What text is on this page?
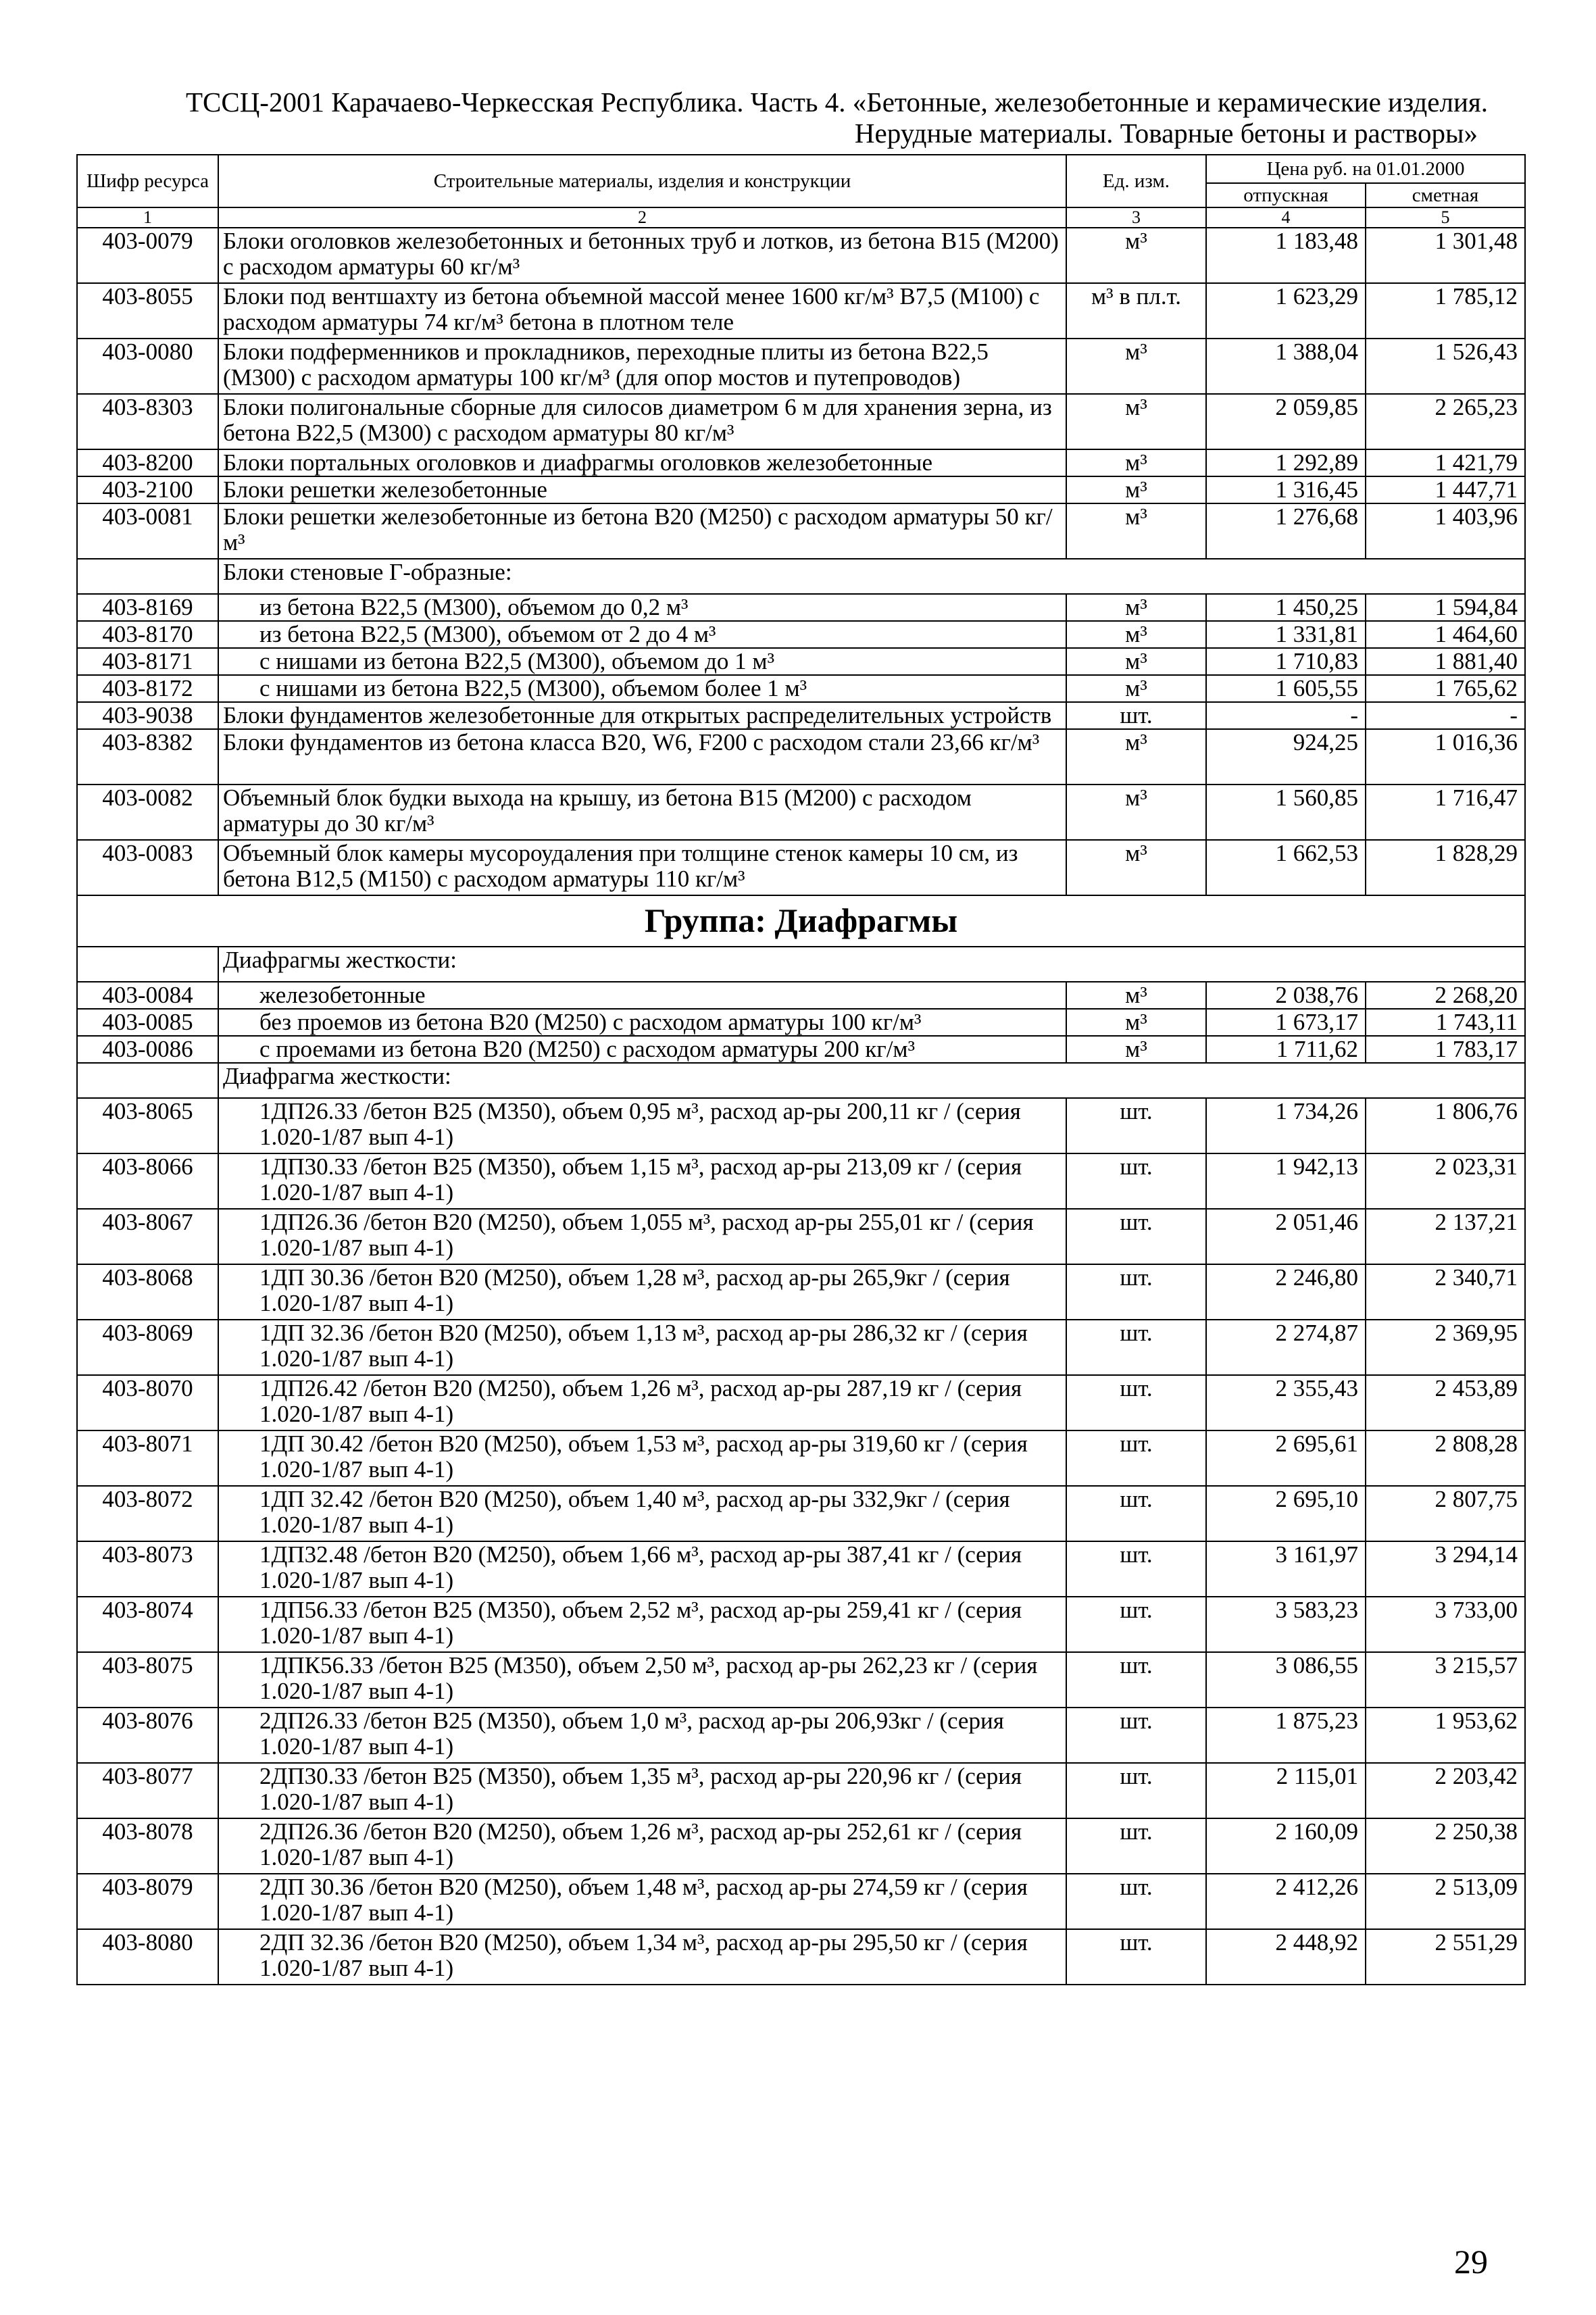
ТССЦ-2001 Карачаево-Черкесская Республика. Часть 4. «Бетонные, железобетонные и керамические изделия.
Нерудные материалы. Товарные бетоны и растворы»
Шифр ресурса	Строительные материалы, изделия и конструкции	Ед. изм.	Цена руб. на 01.01.2000	
			отпускная	сметная
1	2	3	4	5
403-0079	Блоки оголовков железобетонных и бетонных труб и лотков, из бетона В15 (М200) с расходом арматуры 60 кг/м³	м³	1 183,48	1 301,48
403-8055	Блоки под вентшахту из бетона объемной массой менее 1600 кг/м³ В7,5 (М100) с расходом арматуры 74 кг/м³ бетона в плотном теле	м³ в пл.т.	1 623,29	1 785,12
403-0080	Блоки подферменников и прокладников, переходные плиты из бетона В22,5 (М300) с расходом арматуры 100 кг/м³ (для опор мостов и путепроводов)	м³	1 388,04	1 526,43
403-8303	Блоки полигональные сборные для силосов диаметром 6 м для хранения зерна, из бетона В22,5 (М300) с расходом арматуры 80 кг/м³	м³	2 059,85	2 265,23
403-8200	Блоки портальных оголовков и диафрагмы оголовков железобетонные	м³	1 292,89	1 421,79
403-2100	Блоки решетки железобетонные	м³	1 316,45	1 447,71
403-0081	Блоки решетки железобетонные из бетона В20 (М250) с расходом арматуры 50 кг/м³	м³	1 276,68	1 403,96
	Блоки стеновые Г-образные:			
403-8169	из бетона В22,5 (М300), объемом до 0,2 м³	м³	1 450,25	1 594,84
403-8170	из бетона В22,5 (М300), объемом от 2 до 4 м³	м³	1 331,81	1 464,60
403-8171	с нишами из бетона В22,5 (М300), объемом до 1 м³	м³	1 710,83	1 881,40
403-8172	с нишами из бетона В22,5 (М300), объемом более 1 м³	м³	1 605,55	1 765,62
403-9038	Блоки фундаментов железобетонные для открытых распределительных устройств	шт.	-	-
403-8382	Блоки фундаментов из бетона класса В20, W6, F200 с расходом стали 23,66 кг/м³	м³	924,25	1 016,36
403-0082	Объемный блок будки выхода на крышу, из бетона В15 (М200) с расходом арматуры до 30 кг/м³	м³	1 560,85	1 716,47
403-0083	Объемный блок камеры мусороудаления при толщине стенок камеры 10 см, из бетона В12,5 (М150) с расходом арматуры 110 кг/м³	м³	1 662,53	1 828,29
Группа: Диафрагмы				
	Диафрагмы жесткости:			
403-0084	железобетонные	м³	2 038,76	2 268,20
403-0085	без проемов из бетона В20 (М250) с расходом арматуры 100 кг/м³	м³	1 673,17	1 743,11
403-0086	с проемами из бетона В20 (М250) с расходом арматуры 200 кг/м³	м³	1 711,62	1 783,17
	Диафрагма жесткости:			
403-8065	1ДП26.33 /бетон В25 (М350), объем 0,95 м³, расход ар-ры 200,11 кг / (серия 1.020-1/87 вып 4-1)	шт.	1 734,26	1 806,76
403-8066	1ДП30.33 /бетон В25 (М350), объем 1,15 м³, расход ар-ры 213,09 кг / (серия 1.020-1/87 вып 4-1)	шт.	1 942,13	2 023,31
403-8067	1ДП26.36 /бетон В20 (М250), объем 1,055 м³, расход ар-ры 255,01 кг / (серия 1.020-1/87 вып 4-1)	шт.	2 051,46	2 137,21
403-8068	1ДП 30.36 /бетон В20 (М250), объем 1,28 м³, расход ар-ры 265,9кг / (серия 1.020-1/87 вып 4-1)	шт.	2 246,80	2 340,71
403-8069	1ДП 32.36 /бетон В20 (М250), объем 1,13 м³, расход ар-ры 286,32 кг / (серия 1.020-1/87 вып 4-1)	шт.	2 274,87	2 369,95
403-8070	1ДП26.42 /бетон В20 (М250), объем 1,26 м³, расход ар-ры 287,19 кг / (серия 1.020-1/87 вып 4-1)	шт.	2 355,43	2 453,89
403-8071	1ДП 30.42 /бетон В20 (М250), объем 1,53 м³, расход ар-ры 319,60 кг / (серия 1.020-1/87 вып 4-1)	шт.	2 695,61	2 808,28
403-8072	1ДП 32.42 /бетон В20 (М250), объем 1,40 м³, расход ар-ры 332,9кг / (серия 1.020-1/87 вып 4-1)	шт.	2 695,10	2 807,75
403-8073	1ДП32.48 /бетон В20 (М250), объем 1,66 м³, расход ар-ры 387,41 кг / (серия 1.020-1/87 вып 4-1)	шт.	3 161,97	3 294,14
403-8074	1ДП56.33 /бетон В25 (М350), объем 2,52 м³, расход ар-ры 259,41 кг / (серия 1.020-1/87 вып 4-1)	шт.	3 583,23	3 733,00
403-8075	1ДПК56.33 /бетон В25 (М350), объем 2,50 м³, расход ар-ры 262,23 кг / (серия 1.020-1/87 вып 4-1)	шт.	3 086,55	3 215,57
403-8076	2ДП26.33 /бетон В25 (М350), объем 1,0 м³, расход ар-ры 206,93кг / (серия 1.020-1/87 вып 4-1)	шт.	1 875,23	1 953,62
403-8077	2ДП30.33 /бетон В25 (М350), объем 1,35 м³, расход ар-ры 220,96 кг / (серия 1.020-1/87 вып 4-1)	шт.	2 115,01	2 203,42
403-8078	2ДП26.36 /бетон В20 (М250), объем 1,26 м³, расход ар-ры 252,61 кг / (серия 1.020-1/87 вып 4-1)	шт.	2 160,09	2 250,38
403-8079	2ДП 30.36 /бетон В20 (М250), объем 1,48 м³, расход ар-ры 274,59 кг / (серия 1.020-1/87 вып 4-1)	шт.	2 412,26	2 513,09
403-8080	2ДП 32.36 /бетон В20 (М250), объем 1,34 м³, расход ар-ры 295,50 кг / (серия 1.020-1/87 вып 4-1)	шт.	2 448,92	2 551,29
29
